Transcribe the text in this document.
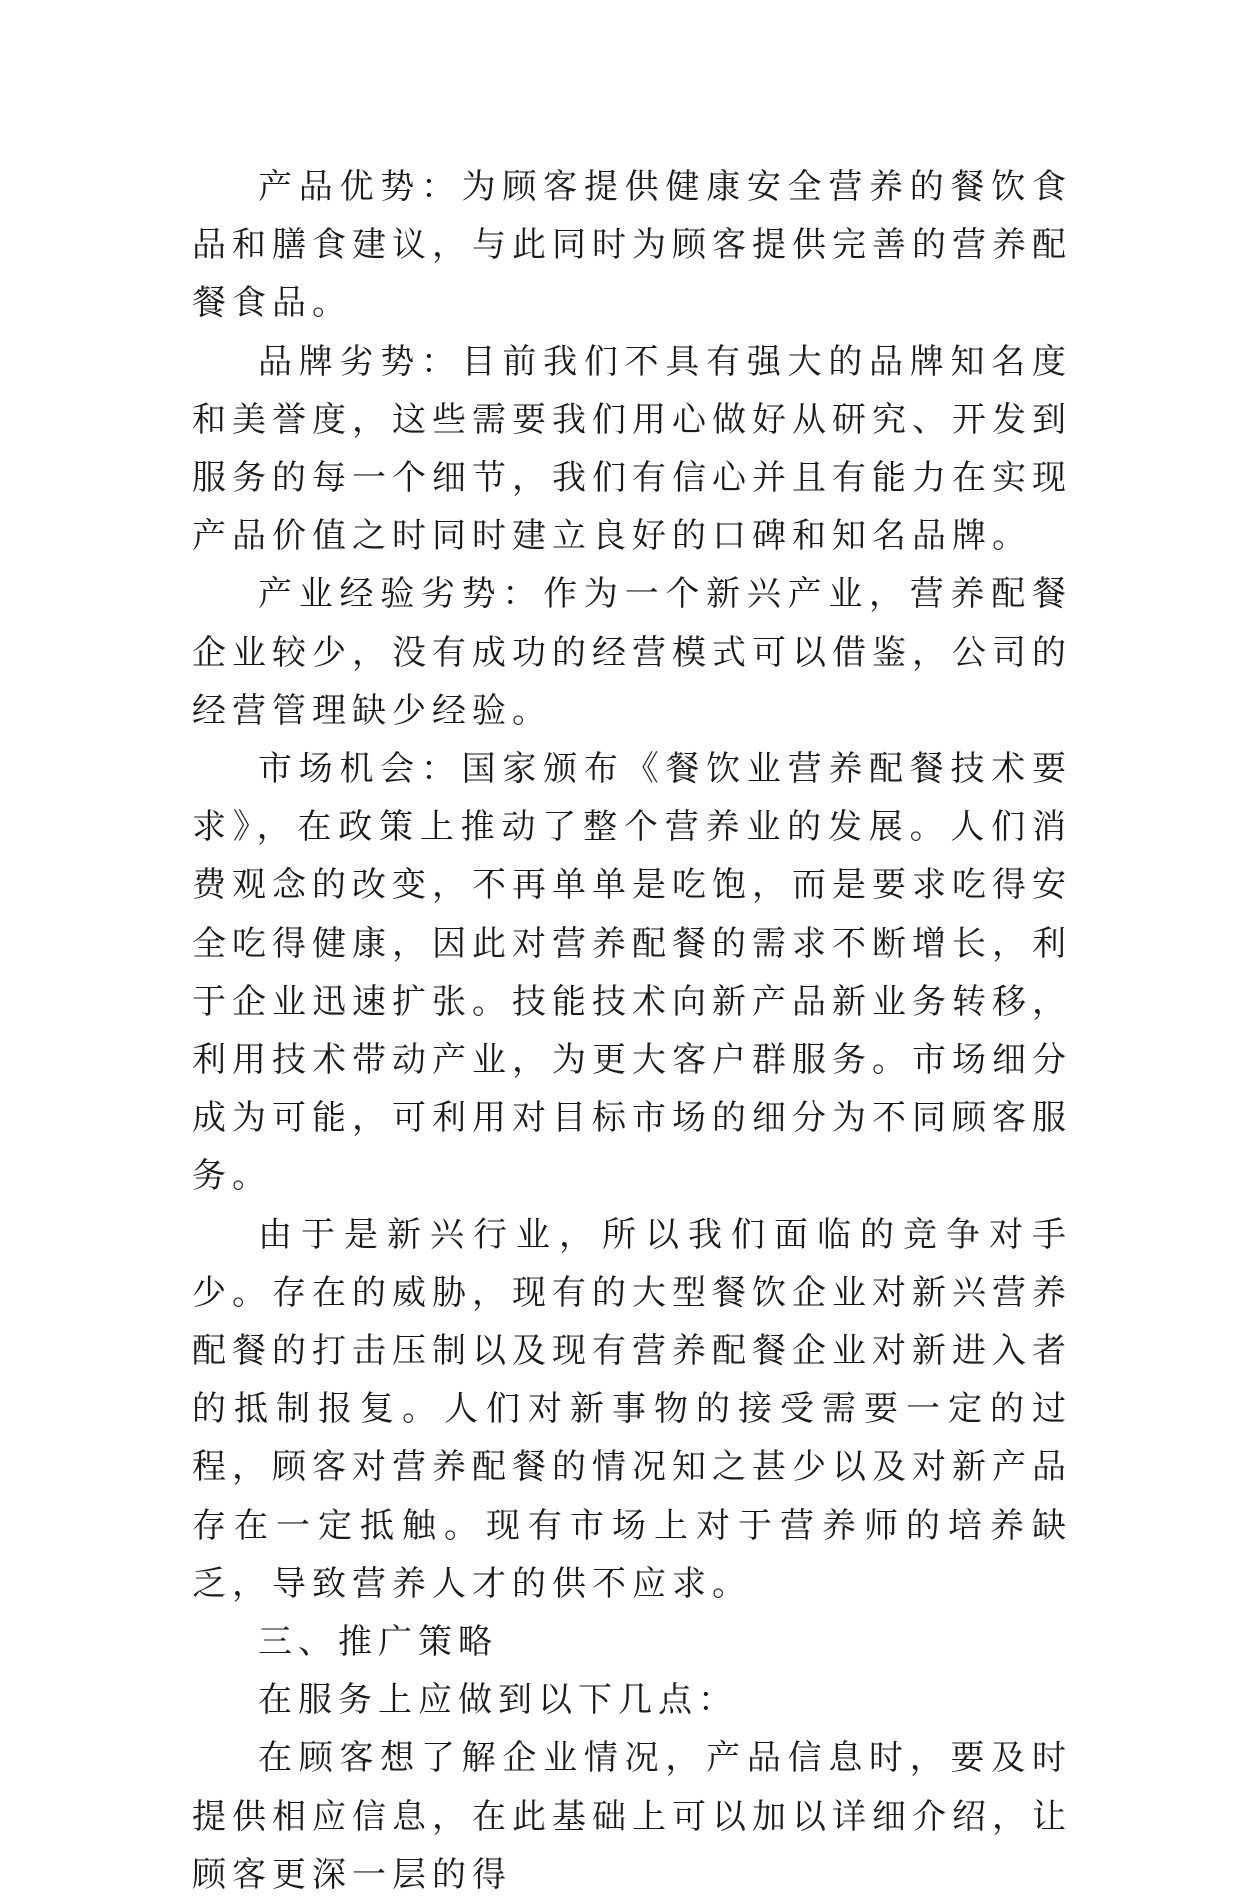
产品优势：为顾客提供健康安全营养的餐饮食品和膳食建议，与此同时为顾客提供完善的营养配餐食品。

品牌劣势：目前我们不具有强大的品牌知名度和美誉度，这些需要我们用心做好从研究、开发到服务的每一个细节，我们有信心并且有能力在实现产品价值之时同时建立良好的口碑和知名品牌。

产业经验劣势：作为一个新兴产业，营养配餐企业较少，没有成功的经营模式可以借鉴，公司的经营管理缺少经验。

市场机会：国家颁布《餐饮业营养配餐技术要求》，在政策上推动了整个营养业的发展。人们消费观念的改变，不再单单是吃饱，而是要求吃得安全吃得健康，因此对营养配餐的需求不断增长，利于企业迅速扩张。技能技术向新产品新业务转移，利用技术带动产业，为更大客户群服务。市场细分成为可能，可利用对目标市场的细分为不同顾客服务。

由于是新兴行业，所以我们面临的竞争对手少。存在的威胁，现有的大型餐饮企业对新兴营养配餐的打击压制以及现有营养配餐企业对新进入者的抵制报复。人们对新事物的接受需要一定的过程，顾客对营养配餐的情况知之甚少以及对新产品存在一定抵触。现有市场上对于营养师的培养缺乏，导致营养人才的供不应求。

三、推广策略

在服务上应做到以下几点：

在顾客想了解企业情况，产品信息时，要及时提供相应信息，在此基础上可以加以详细介绍，让顾客更深一层的得
